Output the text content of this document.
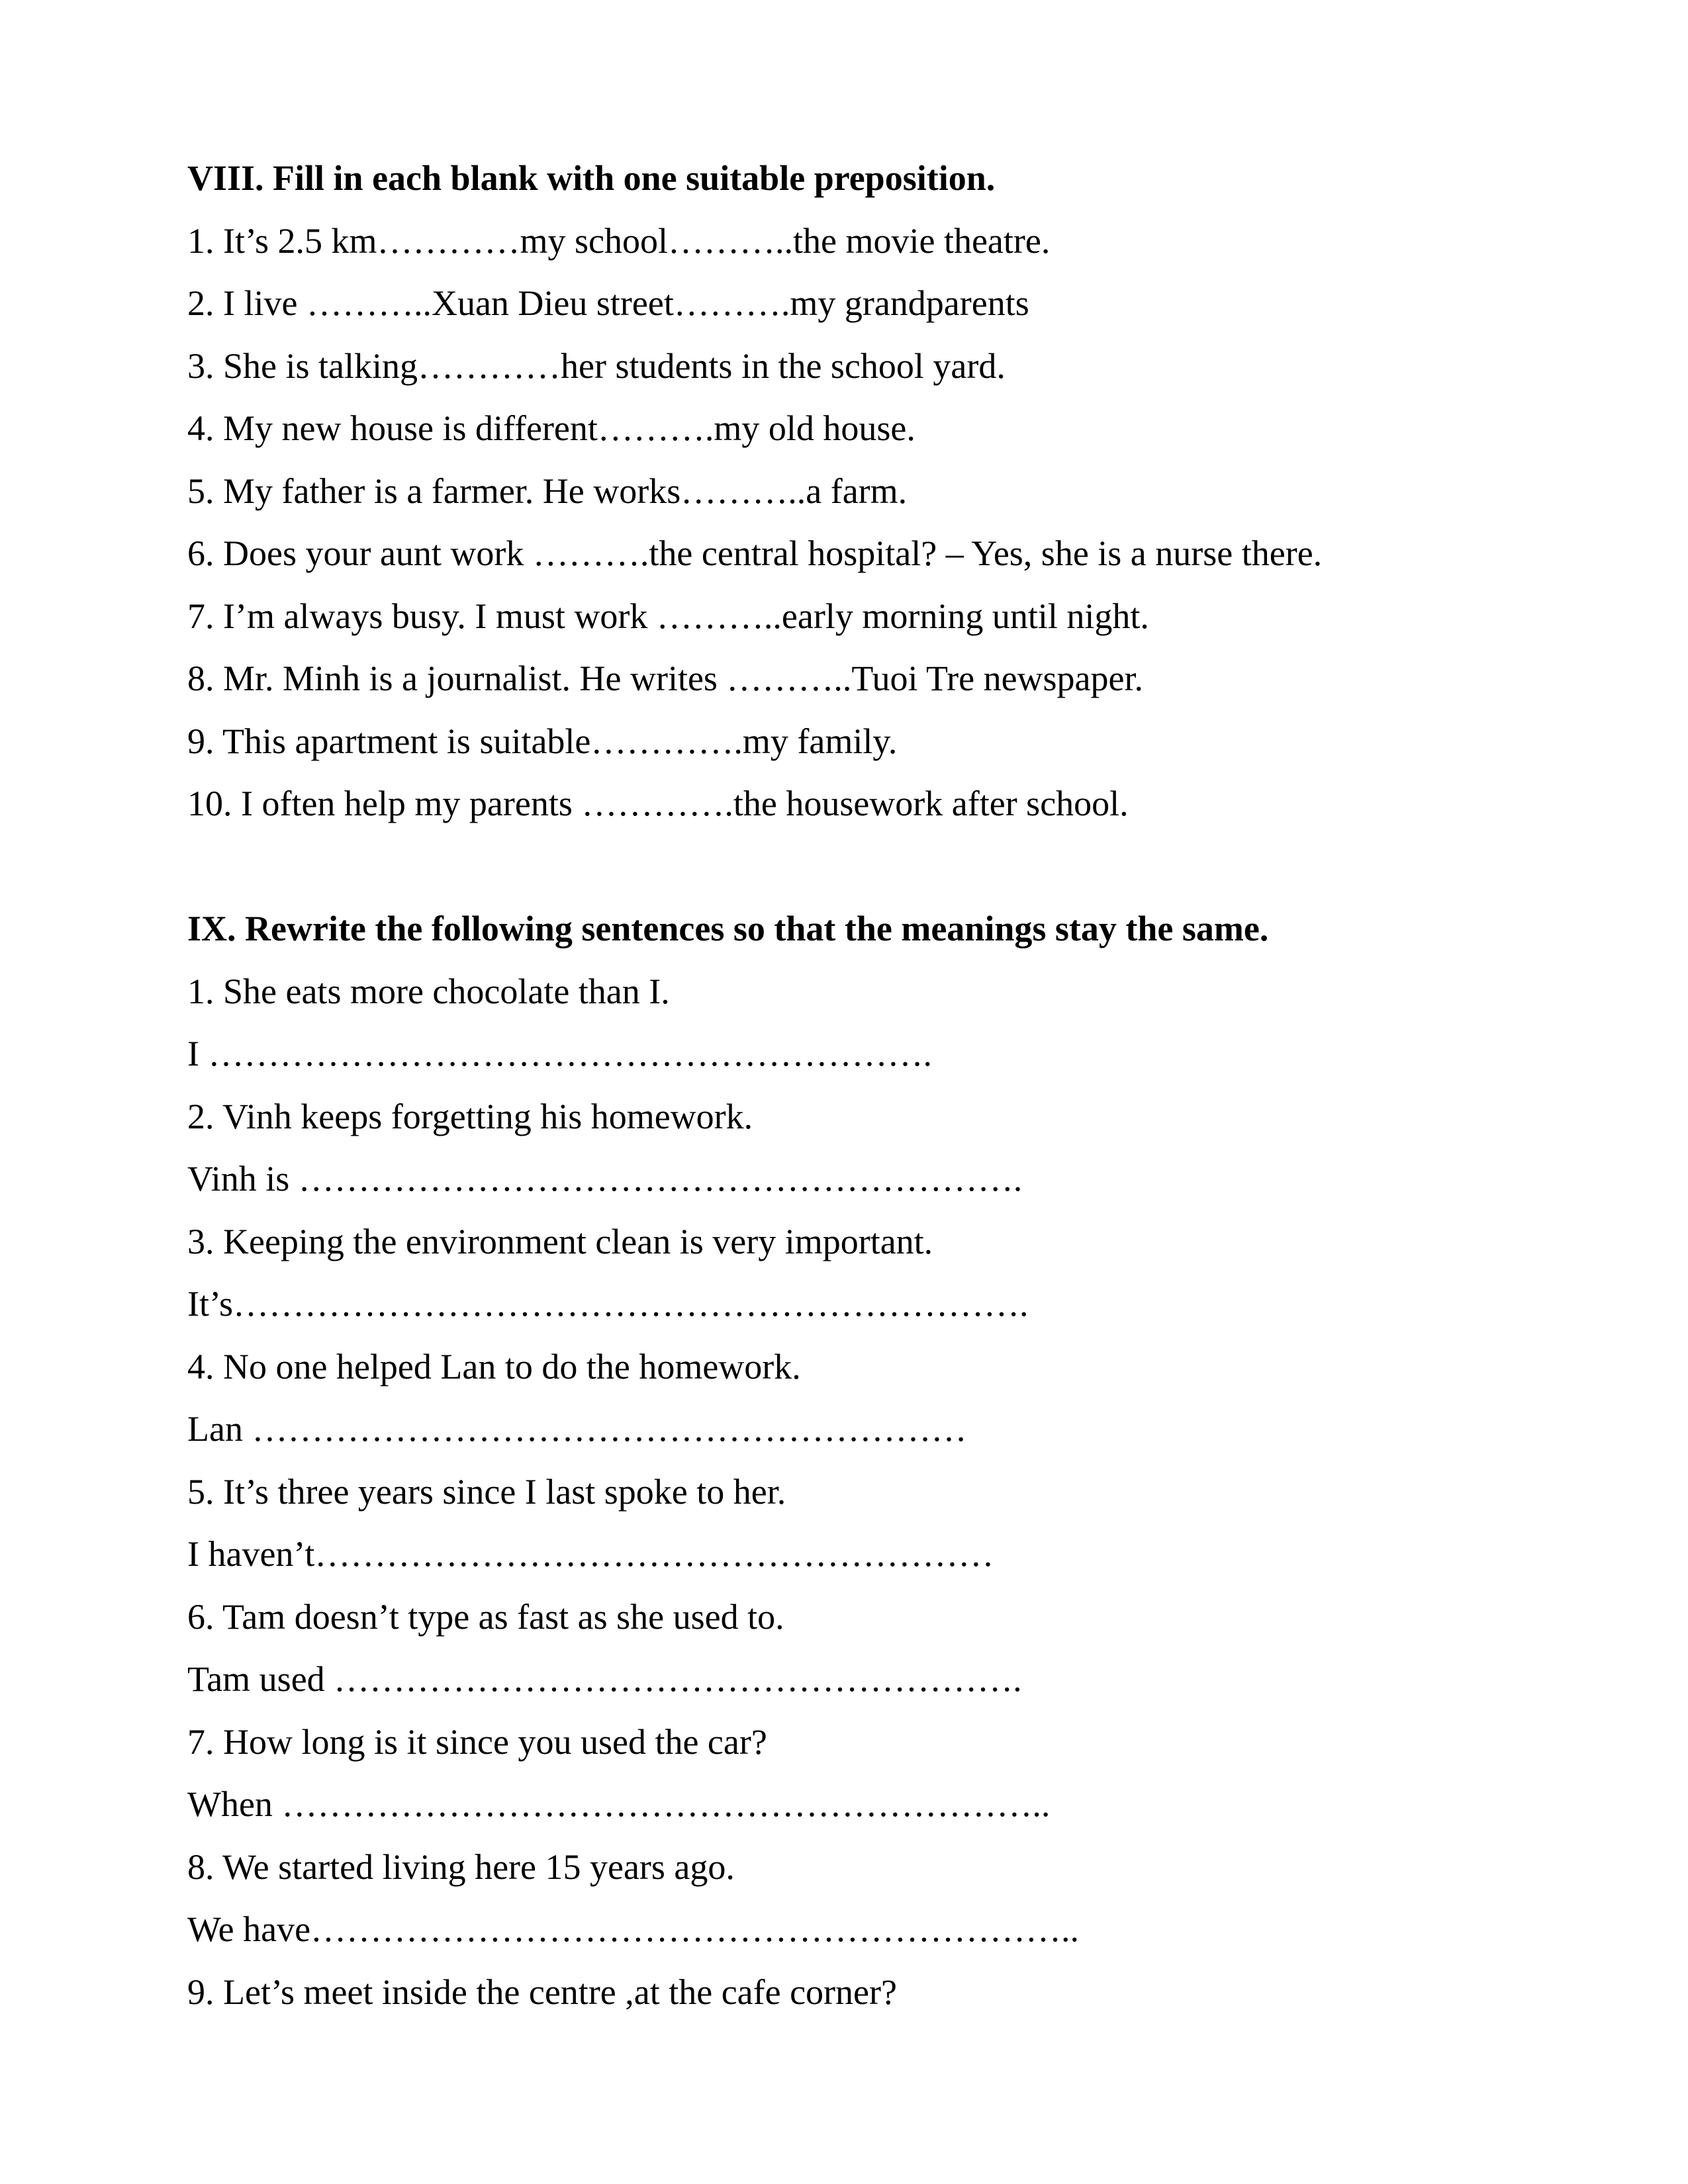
VIII. Fill in each blank with one suitable preposition.

1. It’s 2.5 km…………my school………..the movie theatre.

2. I live ………..Xuan Dieu street……….my grandparents

3. She is talking…………her students in the school yard.

4. My new house is different……….my old house.

5. My father is a farmer. He works………..a farm.

6. Does your aunt work ……….the central hospital? – Yes, she is a nurse there.

7. I’m always busy. I must work ………..early morning until night.

8. Mr. Minh is a journalist. He writes ………..Tuoi Tre newspaper.

9. This apartment is suitable………….my family.

10. I often help my parents ………….the housework after school.

IX. Rewrite the following sentences so that the meanings stay the same.

1. She eats more chocolate than I.

I …………………………………………………….

2. Vinh keeps forgetting his homework.

Vinh is …………………………………………………….

3. Keeping the environment clean is very important.

It’s………………………………………………………….

4. No one helped Lan to do the homework.

Lan ……………………………………………………

5. It’s three years since I last spoke to her.

I haven’t…………………………………………………

6. Tam doesn’t type as fast as she used to.

Tam used ………………………………………………….

7. How long is it since you used the car?

When ………………………………………………………..

8. We started living here 15 years ago.

We have………………………………………………………..

9. Let’s meet inside the centre ,at the cafe corner?
